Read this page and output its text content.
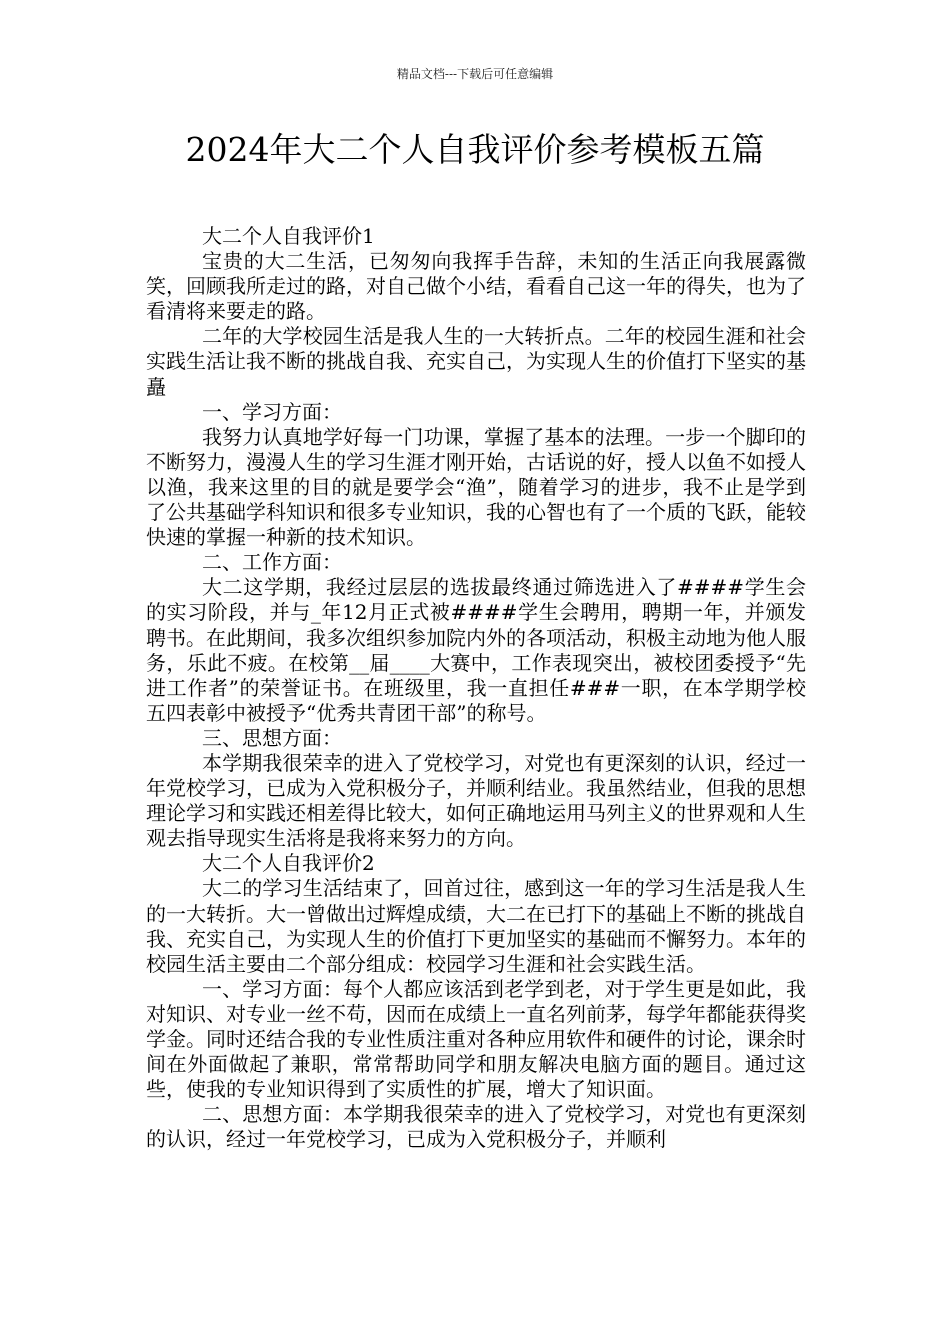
精品文档---下载后可任意编辑
2024年大二个人自我评价参考模板五篇

大二个人自我评价1

宝贵的大二生活，已匆匆向我挥手告辞，未知的生活正向我展露微笑，回顾我所走过的路，对自己做个小结，看看自己这一年的得失，也为了看清将来要走的路。

二年的大学校园生活是我人生的一大转折点。二年的校园生涯和社会实践生活让我不断的挑战自我、充实自己，为实现人生的价值打下坚实的基矗

一、学习方面：

我努力认真地学好每一门功课，掌握了基本的法理。一步一个脚印的不断努力，漫漫人生的学习生涯才刚开始，古话说的好，授人以鱼不如授人以渔，我来这里的目的就是要学会“渔”，随着学习的进步，我不止是学到了公共基础学科知识和很多专业知识，我的心智也有了一个质的飞跃，能较快速的掌握一种新的技术知识。

二、工作方面：

大二这学期，我经过层层的选拔最终通过筛选进入了####学生会的实习阶段，并与_年12月正式被####学生会聘用，聘期一年，并颁发聘书。在此期间，我多次组织参加院内外的各项活动，积极主动地为他人服务，乐此不疲。在校第__届____大赛中，工作表现突出，被校团委授予“先进工作者”的荣誉证书。在班级里，我一直担任###一职，在本学期学校五四表彰中被授予“优秀共青团干部”的称号。

三、思想方面：

本学期我很荣幸的进入了党校学习，对党也有更深刻的认识，经过一年党校学习，已成为入党积极分子，并顺利结业。我虽然结业，但我的思想理论学习和实践还相差得比较大，如何正确地运用马列主义的世界观和人生观去指导现实生活将是我将来努力的方向。

大二个人自我评价2

大二的学习生活结束了，回首过往，感到这一年的学习生活是我人生的一大转折。大一曾做出过辉煌成绩，大二在已打下的基础上不断的挑战自我、充实自己，为实现人生的价值打下更加坚实的基础而不懈努力。本年的校园生活主要由二个部分组成：校园学习生涯和社会实践生活。

一、学习方面：每个人都应该活到老学到老，对于学生更是如此，我对知识、对专业一丝不苟，因而在成绩上一直名列前茅，每学年都能获得奖学金。同时还结合我的专业性质注重对各种应用软件和硬件的讨论，课余时间在外面做起了兼职，常常帮助同学和朋友解决电脑方面的题目。通过这些，使我的专业知识得到了实质性的扩展，增大了知识面。

二、思想方面：本学期我很荣幸的进入了党校学习，对党也有更深刻的认识，经过一年党校学习，已成为入党积极分子，并顺利
